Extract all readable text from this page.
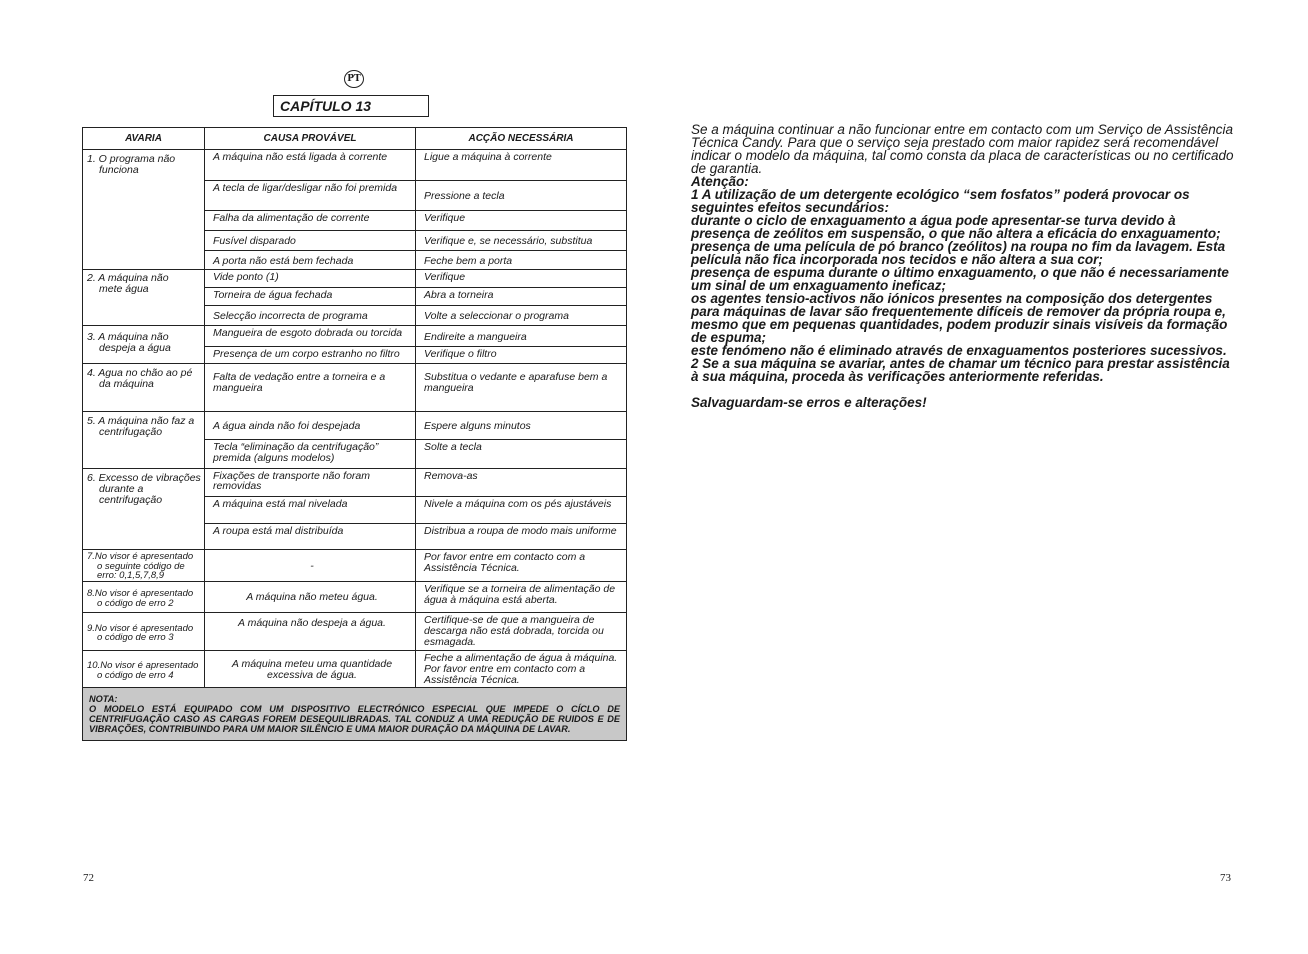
PT
CAPÍTULO 13
AVARIA	CAUSA PROVÁVEL	ACÇÃO NECESSÁRIA
1. O programa não
funciona	A máquina não está ligada à corrente	Ligue a máquina à corrente
	A tecla de ligar/desligar não foi premida	Pressione a tecla
	Falha da alimentação de corrente	Verifique
	Fusível disparado	Verifique e, se necessário, substitua
	A porta não está bem fechada	Feche bem a porta
2. A máquina não
mete água	Vide ponto (1)	Verifique
	Torneira de água fechada	Abra a torneira
	Selecção incorrecta de programa	Volte a seleccionar o programa
3. A máquina não
despeja a água	Mangueira de esgoto dobrada ou torcida	Endireite a mangueira
	Presença de um corpo estranho no filtro	Verifique o filtro
4. Agua no chão ao pé
da máquina	Falta de vedação entre a torneira e a mangueira	Substitua o vedante e aparafuse bem a mangueira
5. A máquina não faz a
centrifugação	A água ainda não foi despejada	Espere alguns minutos
	Tecla “eliminação da centrifugação” premida (alguns modelos)	Solte a tecla
6. Excesso de vibrações
durante a
centrifugação	Fixações de transporte não foram removidas	Remova-as
	A máquina está mal nivelada	Nivele a máquina com os pés ajustáveis
	A roupa está mal distribuída	Distribua a roupa de modo mais uniforme
7.No visor é apresentado
o seguinte código de
erro: 0,1,5,7,8,9	-	Por favor entre em contacto com a Assistência Técnica.
8.No visor é apresentado
o código de erro 2	A máquina não meteu água.	Verifique se a torneira de alimentação de água à máquina está aberta.
9.No visor é apresentado
o código de erro 3	A máquina não despeja a água.	Certifique-se de que a mangueira de descarga não está dobrada, torcida ou esmagada.
10.No visor é apresentado
o código de erro 4	A máquina meteu uma quantidade excessiva de água.	Feche a alimentação de água à máquina. Por favor entre em contacto com a Assistência Técnica.
NOTA:
O MODELO ESTÁ EQUIPADO COM UM DISPOSITIVO ELECTRÓNICO ESPECIAL QUE IMPEDE O CÍCLO DE CENTRIFUGAÇÃO CASO AS CARGAS FOREM DESEQUILIBRADAS. TAL CONDUZ A UMA REDUÇÃO DE RUIDOS E DE VIBRAÇÕES, CONTRIBUINDO PARA UM MAIOR SILÊNCIO E UMA MAIOR DURAÇÃO DA MÁQUINA DE LAVAR.		

Se a máquina continuar a não funcionar entre em contacto com um Serviço de Assistência Técnica Candy. Para que o serviço seja prestado com maior rapidez será recomendável indicar o modelo da máquina, tal como consta da placa de características ou no certificado de garantia.

Atenção:

1 A utilização de um detergente ecológico “sem fosfatos” poderá provocar os seguintes efeitos secundários:

durante o ciclo de enxaguamento a água pode apresentar-se turva devido à presença de zeólitos em suspensão, o que não altera a eficácia do enxaguamento;

presença de uma película de pó branco (zeólitos) na roupa no fim da lavagem. Esta película não fica incorporada nos tecidos e não altera a sua cor;

presença de espuma durante o último enxaguamento, o que não é necessariamente um sinal de um enxaguamento ineficaz;

os agentes tensio-activos não iónicos presentes na composição dos detergentes para máquinas de lavar são frequentemente difíceis de remover da própria roupa e, mesmo que em pequenas quantidades, podem produzir sinais visíveis da formação de espuma;

este fenómeno não é eliminado através de enxaguamentos posteriores sucessivos.

2 Se a sua máquina se avariar, antes de chamar um técnico para prestar assistência à sua máquina, proceda às verificações anteriormente referidas.

Salvaguardam-se erros e alterações!

72	73
